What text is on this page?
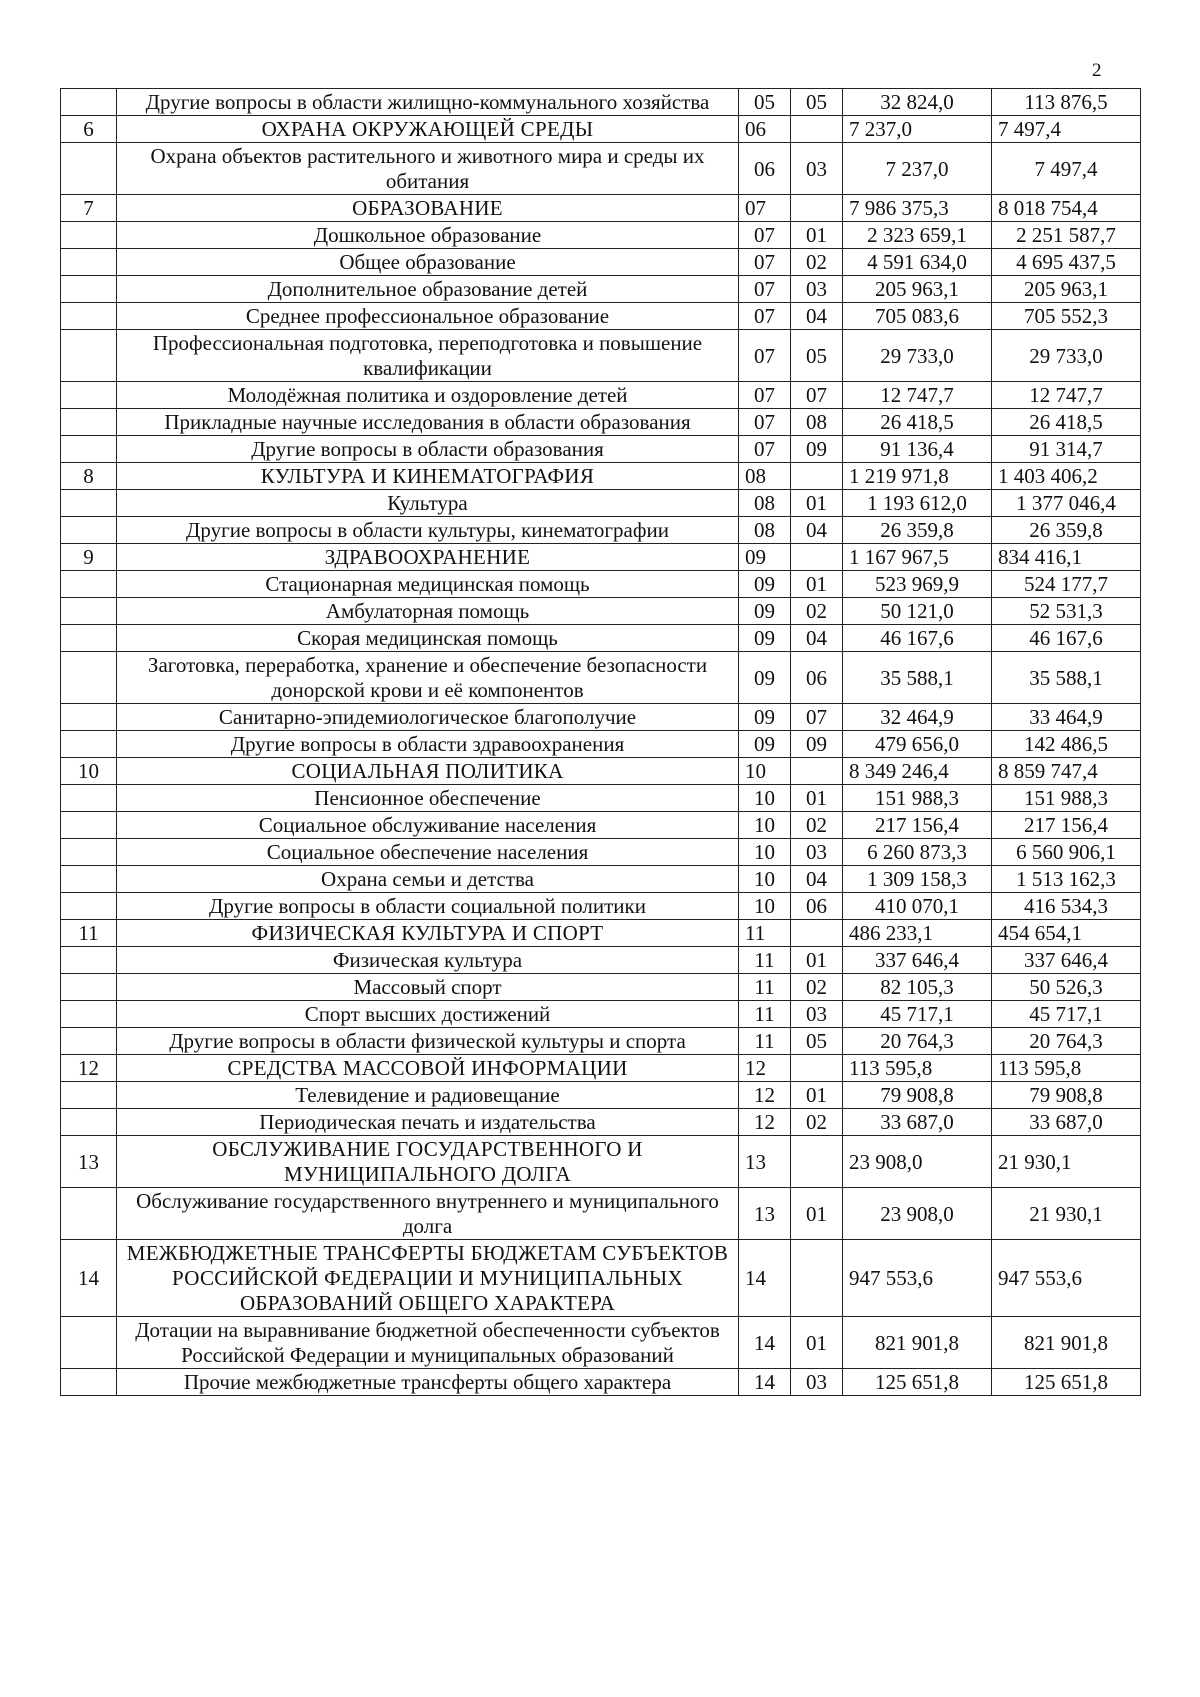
2
	Другие вопросы в области жилищно-коммунального хозяйства	05	05	32 824,0	113 876,5
6	ОХРАНА ОКРУЖАЮЩЕЙ СРЕДЫ	06		7 237,0	7 497,4
	Охрана объектов растительного и животного мира и среды их обитания	06	03	7 237,0	7 497,4
7	ОБРАЗОВАНИЕ	07		7 986 375,3	8 018 754,4
	Дошкольное образование	07	01	2 323 659,1	2 251 587,7
	Общее образование	07	02	4 591 634,0	4 695 437,5
	Дополнительное образование детей	07	03	205 963,1	205 963,1
	Среднее профессиональное образование	07	04	705 083,6	705 552,3
	Профессиональная подготовка, переподготовка и повышение квалификации	07	05	29 733,0	29 733,0
	Молодёжная политика и оздоровление детей	07	07	12 747,7	12 747,7
	Прикладные научные исследования в области образования	07	08	26 418,5	26 418,5
	Другие вопросы в области образования	07	09	91 136,4	91 314,7
8	КУЛЬТУРА И КИНЕМАТОГРАФИЯ	08		1 219 971,8	1 403 406,2
	Культура	08	01	1 193 612,0	1 377 046,4
	Другие вопросы в области культуры, кинематографии	08	04	26 359,8	26 359,8
9	ЗДРАВООХРАНЕНИЕ	09		1 167 967,5	834 416,1
	Стационарная медицинская помощь	09	01	523 969,9	524 177,7
	Амбулаторная помощь	09	02	50 121,0	52 531,3
	Скорая медицинская помощь	09	04	46 167,6	46 167,6
	Заготовка, переработка, хранение и обеспечение безопасности донорской крови и её компонентов	09	06	35 588,1	35 588,1
	Санитарно-эпидемиологическое благополучие	09	07	32 464,9	33 464,9
	Другие вопросы в области здравоохранения	09	09	479 656,0	142 486,5
10	СОЦИАЛЬНАЯ ПОЛИТИКА	10		8 349 246,4	8 859 747,4
	Пенсионное обеспечение	10	01	151 988,3	151 988,3
	Социальное обслуживание населения	10	02	217 156,4	217 156,4
	Социальное обеспечение населения	10	03	6 260 873,3	6 560 906,1
	Охрана семьи и детства	10	04	1 309 158,3	1 513 162,3
	Другие вопросы в области социальной политики	10	06	410 070,1	416 534,3
11	ФИЗИЧЕСКАЯ КУЛЬТУРА И СПОРТ	11		486 233,1	454 654,1
	Физическая культура	11	01	337 646,4	337 646,4
	Массовый спорт	11	02	82 105,3	50 526,3
	Спорт высших достижений	11	03	45 717,1	45 717,1
	Другие вопросы в области физической культуры и спорта	11	05	20 764,3	20 764,3
12	СРЕДСТВА МАССОВОЙ ИНФОРМАЦИИ	12		113 595,8	113 595,8
	Телевидение и радиовещание	12	01	79 908,8	79 908,8
	Периодическая печать и издательства	12	02	33 687,0	33 687,0
13	ОБСЛУЖИВАНИЕ ГОСУДАРСТВЕННОГО И МУНИЦИПАЛЬНОГО ДОЛГА	13		23 908,0	21 930,1
	Обслуживание государственного внутреннего и муниципального долга	13	01	23 908,0	21 930,1
14	МЕЖБЮДЖЕТНЫЕ ТРАНСФЕРТЫ БЮДЖЕТАМ СУБЪЕКТОВ РОССИЙСКОЙ ФЕДЕРАЦИИ И МУНИЦИПАЛЬНЫХ ОБРАЗОВАНИЙ ОБЩЕГО ХАРАКТЕРА	14		947 553,6	947 553,6
	Дотации на выравнивание бюджетной обеспеченности субъектов Российской Федерации и муниципальных образований	14	01	821 901,8	821 901,8
	Прочие межбюджетные трансферты общего характера	14	03	125 651,8	125 651,8
